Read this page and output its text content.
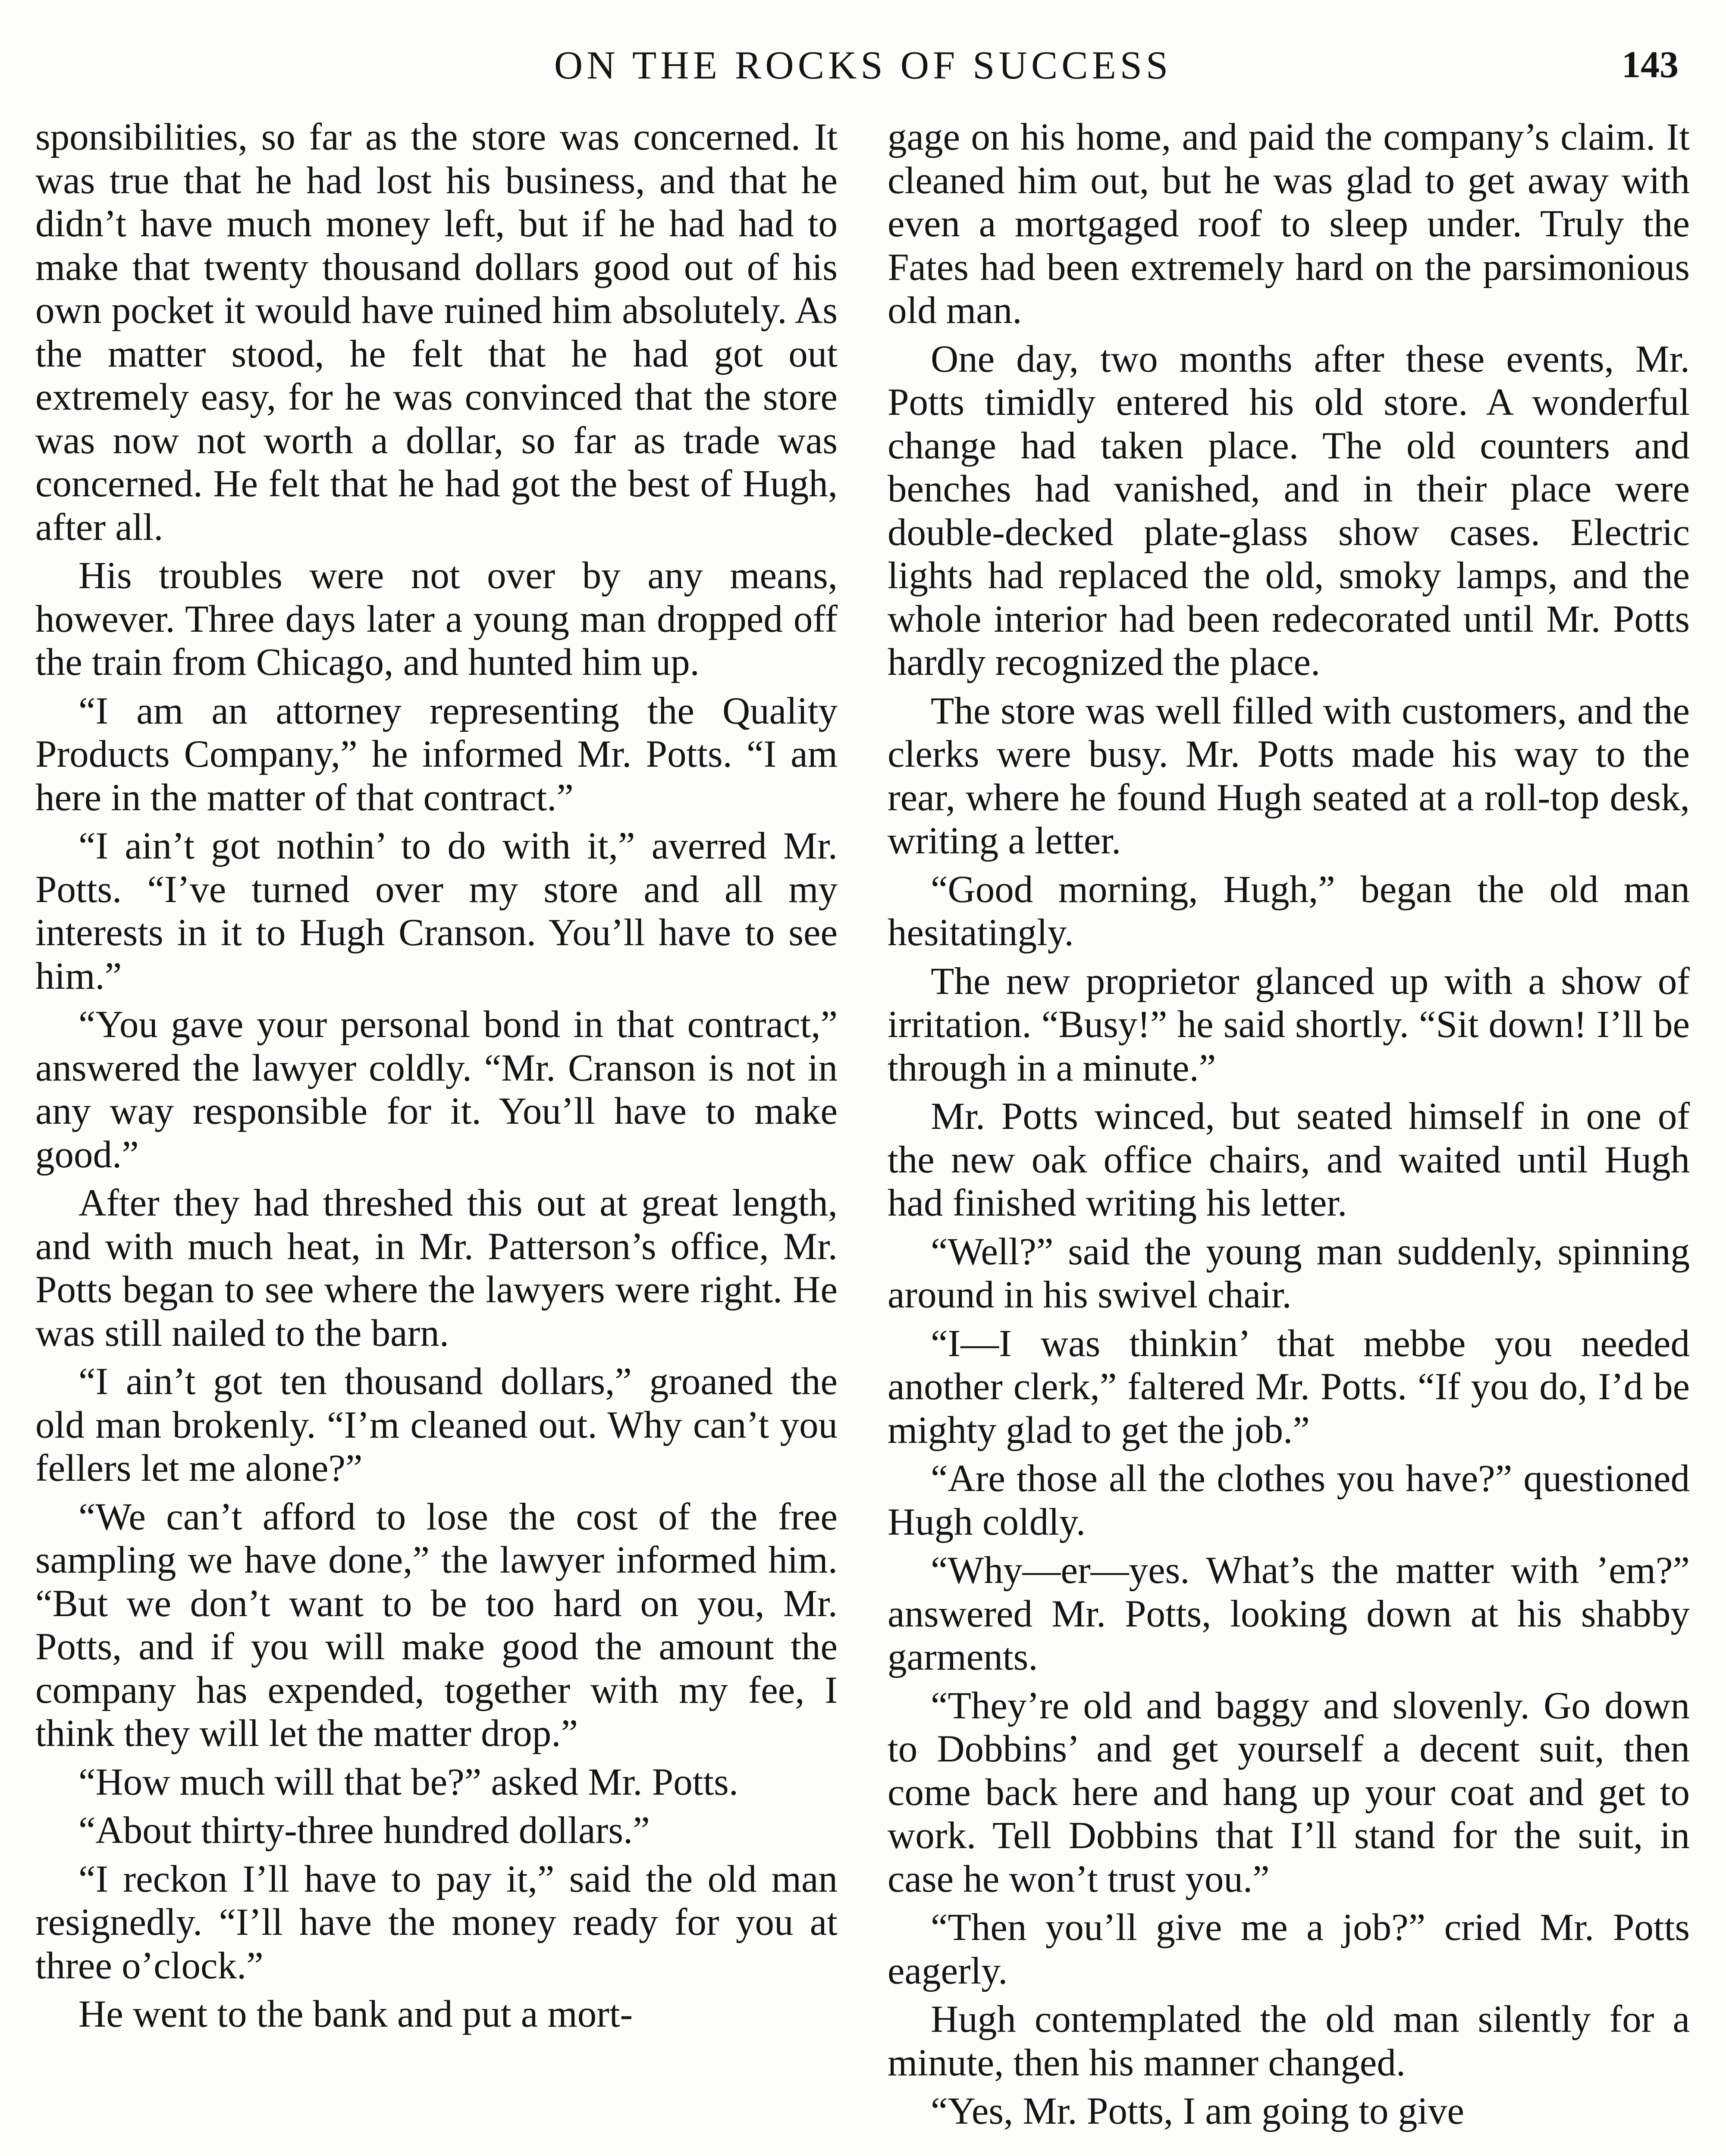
ON THE ROCKS OF SUCCESS	143

sponsibilities, so far as the store was concerned. It was true that he had lost his business, and that he didn’t have much money left, but if he had had to make that twenty thousand dollars good out of his own pocket it would have ruined him absolutely. As the matter stood, he felt that he had got out extremely easy, for he was convinced that the store was now not worth a dollar, so far as trade was concerned. He felt that he had got the best of Hugh, after all.

His troubles were not over by any means, however. Three days later a young man dropped off the train from Chicago, and hunted him up.

“I am an attorney representing the Quality Products Company,” he informed Mr. Potts. “I am here in the matter of that contract.”

“I ain’t got nothin’ to do with it,” averred Mr. Potts. “I’ve turned over my store and all my interests in it to Hugh Cranson. You’ll have to see him.”

“You gave your personal bond in that contract,” answered the lawyer coldly. “Mr. Cranson is not in any way responsible for it. You’ll have to make good.”

After they had threshed this out at great length, and with much heat, in Mr. Patterson’s office, Mr. Potts began to see where the lawyers were right. He was still nailed to the barn.

“I ain’t got ten thousand dollars,” groaned the old man brokenly. “I’m cleaned out. Why can’t you fellers let me alone?”

“We can’t afford to lose the cost of the free sampling we have done,” the lawyer informed him. “But we don’t want to be too hard on you, Mr. Potts, and if you will make good the amount the company has expended, together with my fee, I think they will let the matter drop.”

“How much will that be?” asked Mr. Potts.

“About thirty-three hundred dollars.”

“I reckon I’ll have to pay it,” said the old man resignedly. “I’ll have the money ready for you at three o’clock.”

He went to the bank and put a mort-

gage on his home, and paid the company’s claim. It cleaned him out, but he was glad to get away with even a mortgaged roof to sleep under. Truly the Fates had been extremely hard on the parsimonious old man.

One day, two months after these events, Mr. Potts timidly entered his old store. A wonderful change had taken place. The old counters and benches had vanished, and in their place were double-decked plate-glass show cases. Electric lights had replaced the old, smoky lamps, and the whole interior had been redecorated until Mr. Potts hardly recognized the place.

The store was well filled with customers, and the clerks were busy. Mr. Potts made his way to the rear, where he found Hugh seated at a roll-top desk, writing a letter.

“Good morning, Hugh,” began the old man hesitatingly.

The new proprietor glanced up with a show of irritation. “Busy!” he said shortly. “Sit down! I’ll be through in a minute.”

Mr. Potts winced, but seated himself in one of the new oak office chairs, and waited until Hugh had finished writing his letter.

“Well?” said the young man suddenly, spinning around in his swivel chair.

“I—I was thinkin’ that mebbe you needed another clerk,” faltered Mr. Potts. “If you do, I’d be mighty glad to get the job.”

“Are those all the clothes you have?” questioned Hugh coldly.

“Why—er—yes. What’s the matter with ’em?” answered Mr. Potts, looking down at his shabby garments.

“They’re old and baggy and slovenly. Go down to Dobbins’ and get yourself a decent suit, then come back here and hang up your coat and get to work. Tell Dobbins that I’ll stand for the suit, in case he won’t trust you.”

“Then you’ll give me a job?” cried Mr. Potts eagerly.

Hugh contemplated the old man silently for a minute, then his manner changed.

“Yes, Mr. Potts, I am going to give
